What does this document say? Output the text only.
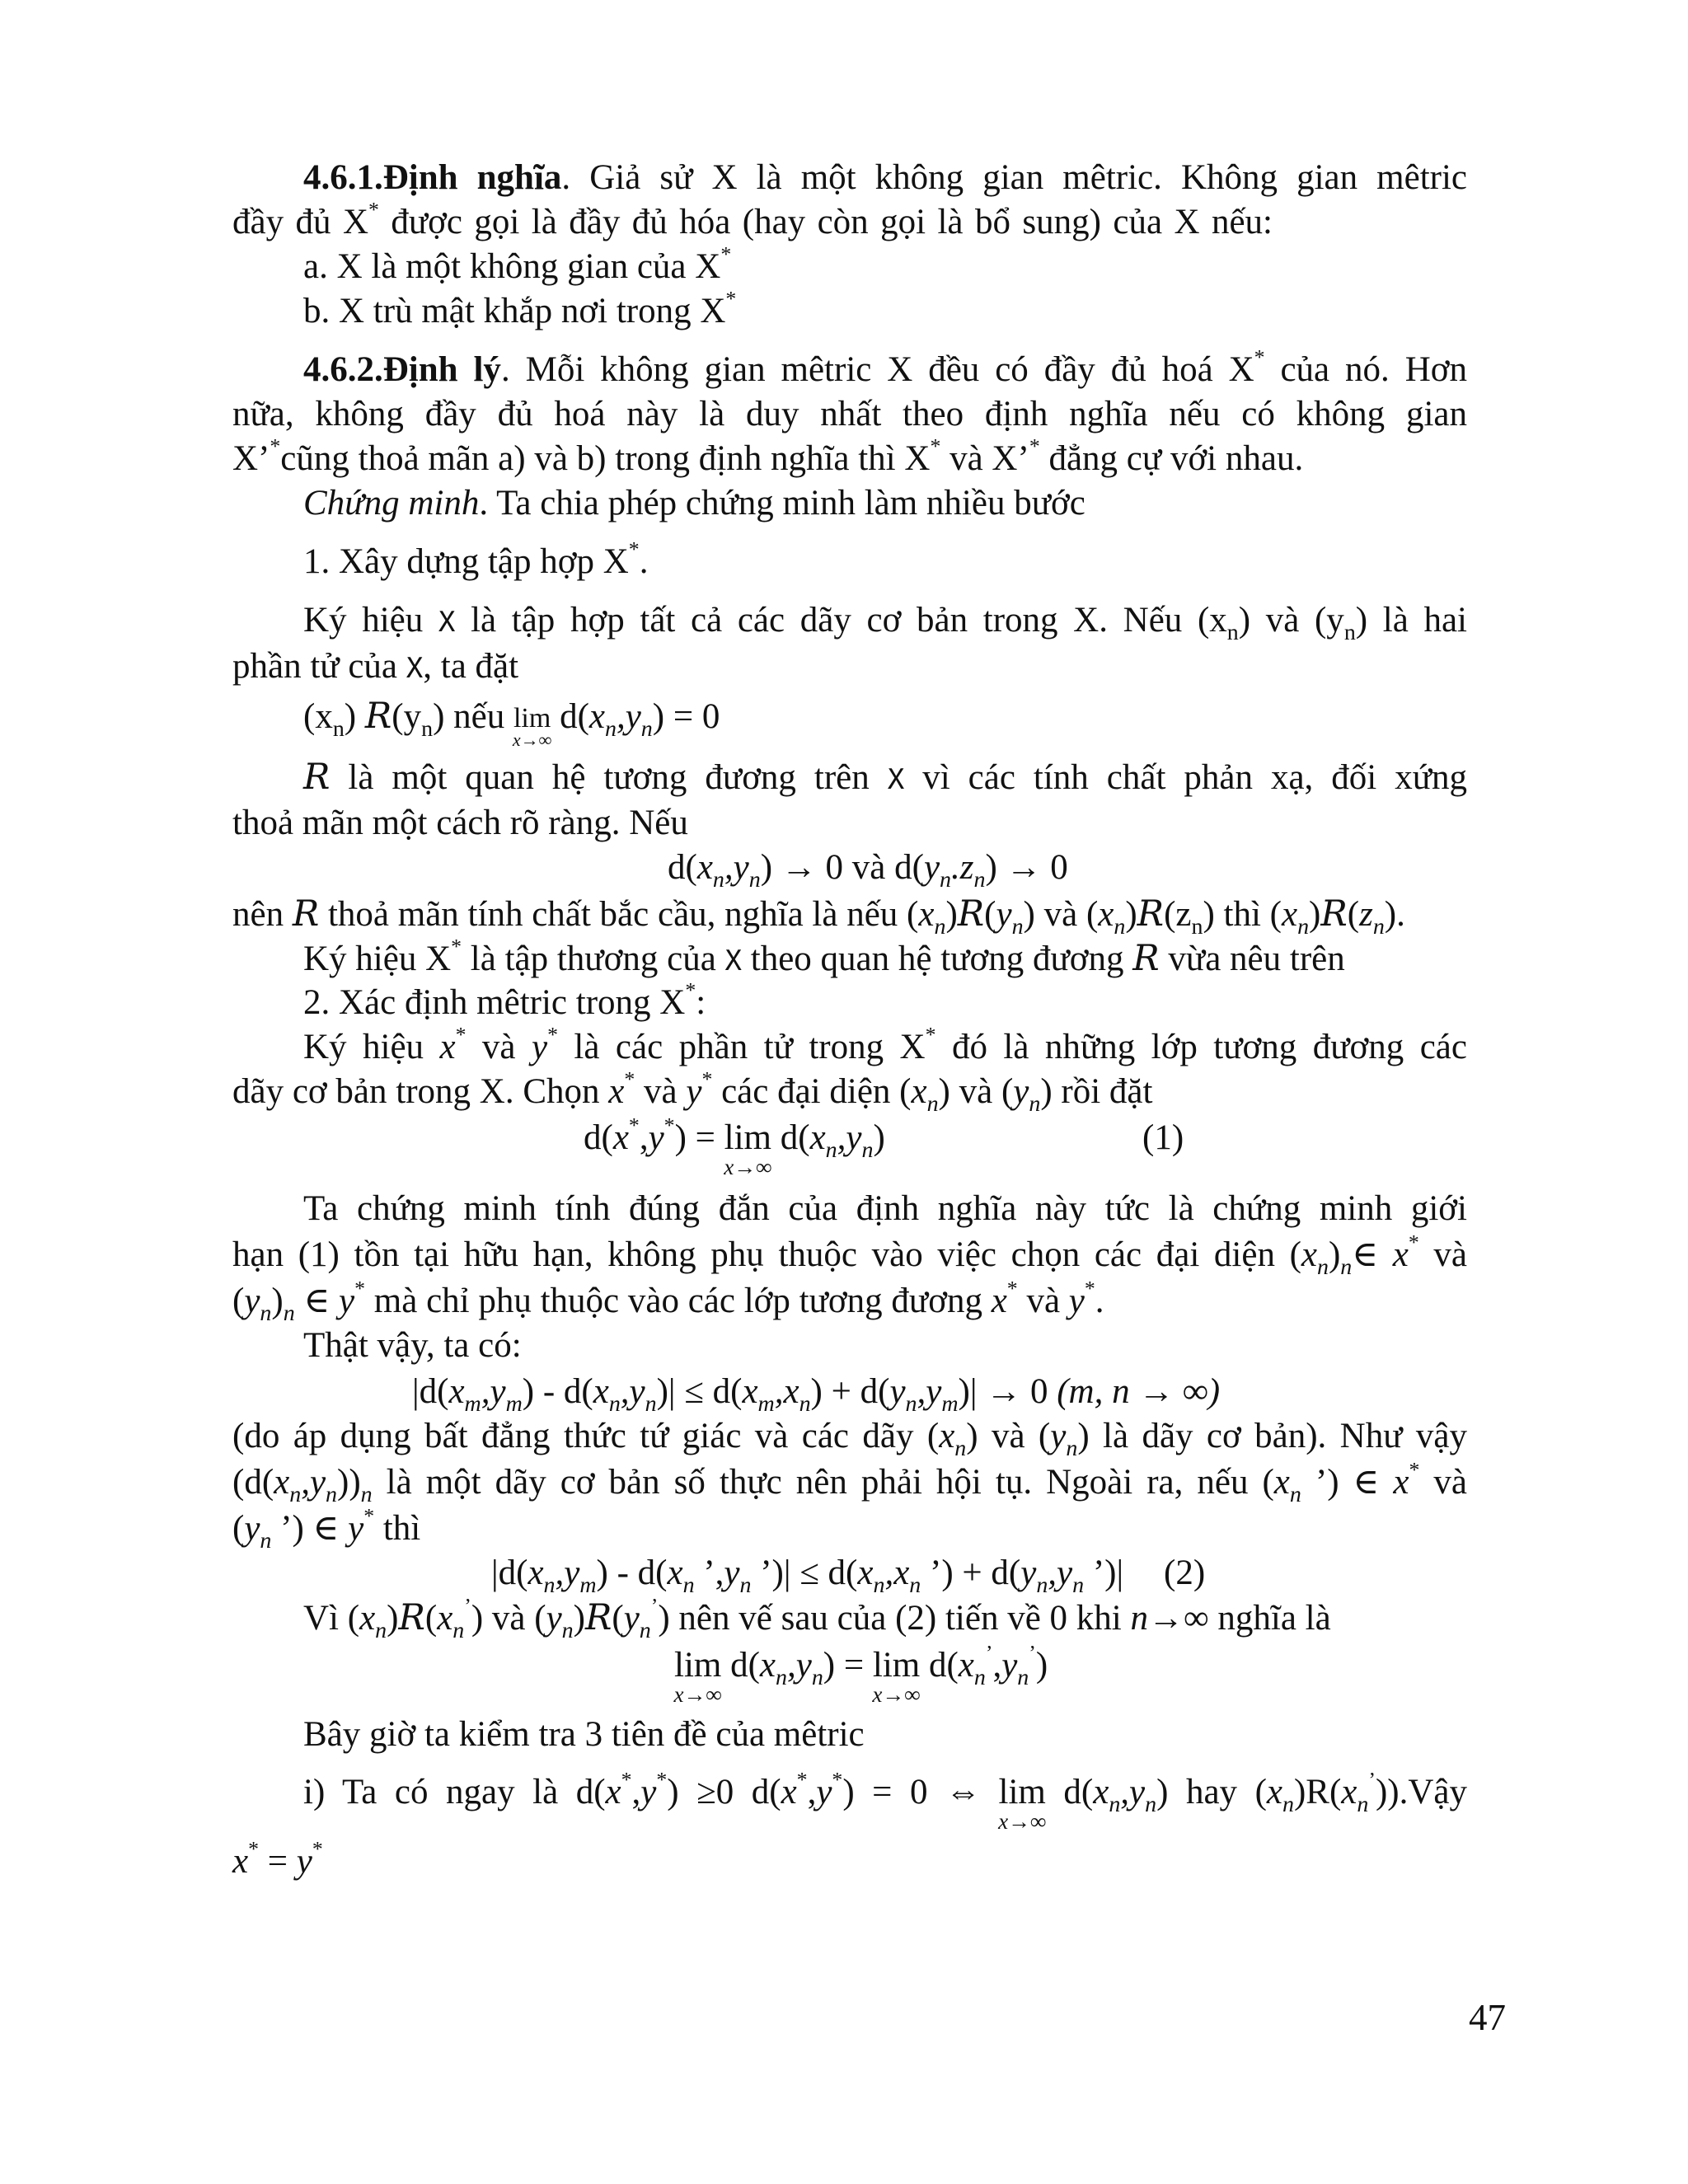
4.6.1.Định nghĩa. Giả sử X là một không gian mêtric. Không gian mêtric
đầy đủ X* được gọi là đầy đủ hóa (hay còn gọi là bổ sung) của X nếu:
a. X là một không gian của X*
b. X trù mật khắp nơi trong X*
4.6.2.Định lý. Mỗi không gian mêtric X đều có đầy đủ hoá X* của nó. Hơn
nữa, không đầy đủ hoá này là duy nhất theo định nghĩa nếu có không gian
X’*cũng thoả mãn a) và b) trong định nghĩa thì X* và X’* đẳng cự với nhau.
Chứng minh. Ta chia phép chứng minh làm nhiều bước
1. Xây dựng tập hợp X*.
Ký hiệu X là tập hợp tất cả các dãy cơ bản trong X. Nếu $(x_n)$ và $(y_n)$ là hai
phần tử của X, ta đặt
$(x_n)$ $R(y_n)$ nếu lim
x→∞
$d(x_n,y_n) = 0$
R là một quan hệ tương đương trên X vì các tính chất phản xạ, đối xứng
thoả mãn một cách rõ ràng. Nếu
$d(x_n,y_n) \to 0$ và $d(y_n.z_n) \to 0$
nên R thoả mãn tính chất bắc cầu, nghĩa là nếu $(x_n)R(y_n)$ và $(x_n)R(z_n)$ thì $(x_n)R(z_n)$.
Ký hiệu X* là tập thương của X theo quan hệ tương đương R vừa nêu trên
2. Xác định mêtric trong X*:
Ký hiệu x* và y* là các phần tử trong X* đó là những lớp tương đương các
dãy cơ bản trong X. Chọn x* và y* các đại diện $(x_n)$ và $(y_n)$ rồi đặt
d(x*,y*) = lim
x→∞
$d(x_n,y_n)$	(1)
Ta chứng minh tính đúng đắn của định nghĩa này tức là chứng minh giới
hạn (1) tồn tại hữu hạn, không phụ thuộc vào việc chọn các đại diện $(x_n)_n\in$ x* và
$(y_n)_n$ ∈ y* mà chỉ phụ thuộc vào các lớp tương đương x* và y*.
Thật vậy, ta có:
$|d(x_m,y_m) - d(x_n,y_n)| \le d(x_m,x_n) + d(y_n,y_m)| \to 0$ (m, n → ∞)
(do áp dụng bất đẳng thức tứ giác và các dãy $(x_n)$ và $(y_n)$ là dãy cơ bản). Như vậy
$(d(x_n,y_n))_n$ là một dãy cơ bản số thực nên phải hội tụ. Ngoài ra, nếu ($x_n$ ’) ∈ x* và
($y_n$ ’) ∈ y* thì
$|d(x_n,y_m) - d(x_n$ $’,y_n$ ’)| ≤ $d(x_n,x_n$ ’) + $d(y_n,y_n$ ’)| (2)
Vì $(x_n)R(x_n^’)$ và $(y_n)R(y_n^’)$ nên vế sau của (2) tiến về 0 khi n→∞ nghĩa là
lim
x→∞
$d(x_n,y_n) = \lim$
x→∞
$d(x_n^’,y_n^’)$
Bây giờ ta kiểm tra 3 tiên đề của mêtric
i) Ta có ngay là d(x*,y*) ≥0 d(x*,y*) = 0 ⇔ lim
x→∞
$d(x_n,y_n)$ hay $(x_n)R(x_n^’)).Vậy$
x* = y*
47
